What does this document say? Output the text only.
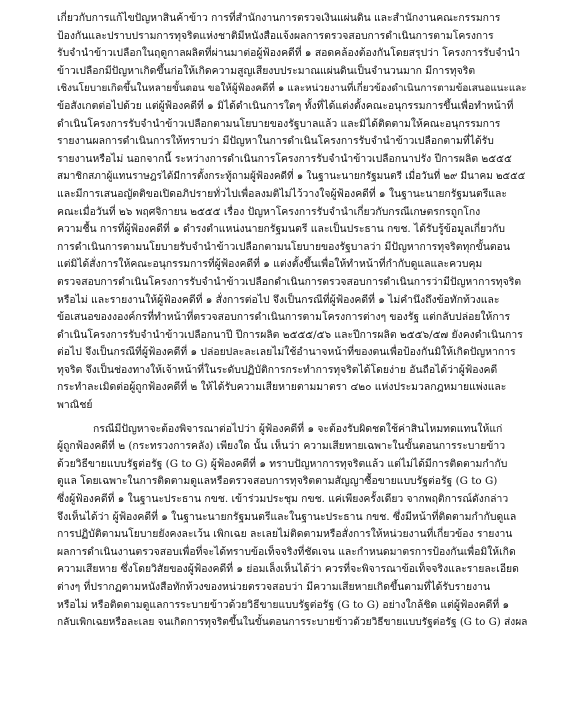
เกี่ยวกับการแก้ไขปัญหาสินค้าข้าว การที่สำนักงานการตรวจเงินแผ่นดิน และสำนักงานคณะกรรมการ
ป้องกันและปราบปรามการทุจริตแห่งชาติมีหนังสือแจ้งผลการตรวจสอบการดำเนินการตามโครงการ
รับจำนำข้าวเปลือกในฤดูกาลผลิตที่ผ่านมาต่อผู้ฟ้องคดีที่ ๑ สอดคล้องต้องกันโดยสรุปว่า โครงการรับจำนำ
ข้าวเปลือกมีปัญหาเกิดขึ้นก่อให้เกิดความสูญเสียงบประมาณแผ่นดินเป็นจำนวนมาก มีการทุจริต
เชิงนโยบายเกิดขึ้นในหลายขั้นตอน ขอให้ผู้ฟ้องคดีที่ ๑ และหน่วยงานที่เกี่ยวข้องดำเนินการตามข้อเสนอแนะและ
ข้อสังเกตต่อไปด้วย แต่ผู้ฟ้องคดีที่ ๑ มิได้ดำเนินการใดๆ ทั้งที่ได้แต่งตั้งคณะอนุกรรมการขึ้นเพื่อทำหน้าที่
ดำเนินโครงการรับจำนำข้าวเปลือกตามนโยบายของรัฐบาลแล้ว และมิได้ติดตามให้คณะอนุกรรมการ
รายงานผลการดำเนินการให้ทราบว่า มีปัญหาในการดำเนินโครงการรับจำนำข้าวเปลือกตามที่ได้รับ
รายงานหรือไม่ นอกจากนี้ ระหว่างการดำเนินการโครงการรับจำนำข้าวเปลือกนาปรัง ปีการผลิต ๒๕๕๕
สมาชิกสภาผู้แทนราษฎรได้มีการตั้งกระทู้ถามผู้ฟ้องคดีที่ ๑ ในฐานะนายกรัฐมนตรี เมื่อวันที่ ๒๙ มีนาคม ๒๕๕๕
และมีการเสนอญัตติขอเปิดอภิปรายทั่วไปเพื่อลงมติไม่ไว้วางใจผู้ฟ้องคดีที่ ๑ ในฐานะนายกรัฐมนตรีและ
คณะเมื่อวันที่ ๒๖ พฤศจิกายน ๒๕๕๕ เรื่อง ปัญหาโครงการรับจำนำเกี่ยวกับกรณีเกษตรกรถูกโกง
ความชื้น การที่ผู้ฟ้องคดีที่ ๑ ดำรงตำแหน่งนายกรัฐมนตรี และเป็นประธาน กขช. ได้รับรู้ข้อมูลเกี่ยวกับ
การดำเนินการตามนโยบายรับจำนำข้าวเปลือกตามนโยบายของรัฐบาลว่า มีปัญหาการทุจริตทุกขั้นตอน
แต่มิได้สั่งการให้คณะอนุกรรมการที่ผู้ฟ้องคดีที่ ๑ แต่งตั้งขึ้นเพื่อให้ทำหน้าที่กำกับดูแลและควบคุม
ตรวจสอบการดำเนินโครงการรับจำนำข้าวเปลือกดำเนินการตรวจสอบการดำเนินการว่ามีปัญหาการทุจริต
หรือไม่ และรายงานให้ผู้ฟ้องคดีที่ ๑ สั่งการต่อไป จึงเป็นกรณีที่ผู้ฟ้องคดีที่ ๑ ไม่คำนึงถึงข้อทักท้วงและ
ข้อเสนอของงองค์กรที่ทำหน้าที่ตรวจสอบการดำเนินการตามโครงการต่างๆ ของรัฐ แต่กลับปล่อยให้การ
ดำเนินโครงการรับจำนำข้าวเปลือกนาปี ปีการผลิต ๒๕๕๕/๕๖ และปีการผลิต ๒๕๕๖/๕๗ ยังคงดำเนินการ
ต่อไป จึงเป็นกรณีที่ผู้ฟ้องคดีที่ ๑ ปล่อยปละละเลยไม่ใช้อำนาจหน้าที่ของตนเพื่อป้องกันมิให้เกิดปัญหาการ
ทุจริต จึงเป็นช่องทางให้เจ้าหน้าที่ในระดับปฏิบัติการกระทำการทุจริตได้โดยง่าย อันถือได้ว่าผู้ฟ้องคดี
กระทำละเมิดต่อผู้ถูกฟ้องคดีที่ ๒ ให้ได้รับความเสียหายตามมาตรา ๔๒๐ แห่งประมวลกฎหมายแพ่งและ
พาณิชย์
กรณีมีปัญหาจะต้องพิจารณาต่อไปว่า ผู้ฟ้องคดีที่ ๑ จะต้องรับผิดชดใช้ค่าสินไหมทดแทนให้แก่
ผู้ถูกฟ้องคดีที่ ๒ (กระทรวงการคลัง) เพียงใด นั้น เห็นว่า ความเสียหายเฉพาะในขั้นตอนการระบายข้าว
ด้วยวิธีขายแบบรัฐต่อรัฐ (G to G) ผู้ฟ้องคดีที่ ๑ ทราบปัญหาการทุจริตแล้ว แต่ไม่ได้มีการติดตามกำกับ
ดูแล โดยเฉพาะในการติดตามดูแลหรือตรวจสอบการทุจริตตามสัญญาซื้อขายแบบรัฐต่อรัฐ (G to G)
ซึ่งผู้ฟ้องคดีที่ ๑ ในฐานะประธาน กขช. เข้าร่วมประชุม กขช. แค่เพียงครั้งเดียว จากพฤติการณ์ดังกล่าว
จึงเห็นได้ว่า ผู้ฟ้องคดีที่ ๑ ในฐานะนายกรัฐมนตรีและในฐานะประธาน กขช. ซึ่งมีหน้าที่ติดตามกำกับดูแล
การปฏิบัติตามนโยบายยังคงละเว้น เพิกเฉย ละเลยไม่ติดตามหรือสั่งการให้หน่วยงานที่เกี่ยวข้อง รายงาน
ผลการดำเนินงานตรวจสอบเพื่อที่จะได้ทราบข้อเท็จจริงที่ชัดเจน และกำหนดมาตรการป้องกันเพื่อมิให้เกิด
ความเสียหาย ซึ่งโดยวิสัยของผู้ฟ้องคดีที่ ๑ ย่อมเล็งเห็นได้ว่า ควรที่จะพิจารณาข้อเท็จจริงและรายละเอียด
ต่างๆ ที่ปรากฏตามหนังสือทักท้วงของหน่วยตรวจสอบว่า มีความเสียหายเกิดขึ้นตามที่ได้รับรายงาน
หรือไม่ หรือติดตามดูแลการระบายข้าวด้วยวิธีขายแบบรัฐต่อรัฐ (G to G) อย่างใกล้ชิด แต่ผู้ฟ้องคดีที่ ๑
กลับเพิกเฉยหรือละเลย จนเกิดการทุจริตขึ้นในขั้นตอนการระบายข้าวด้วยวิธีขายแบบรัฐต่อรัฐ (G to G) ส่งผล
